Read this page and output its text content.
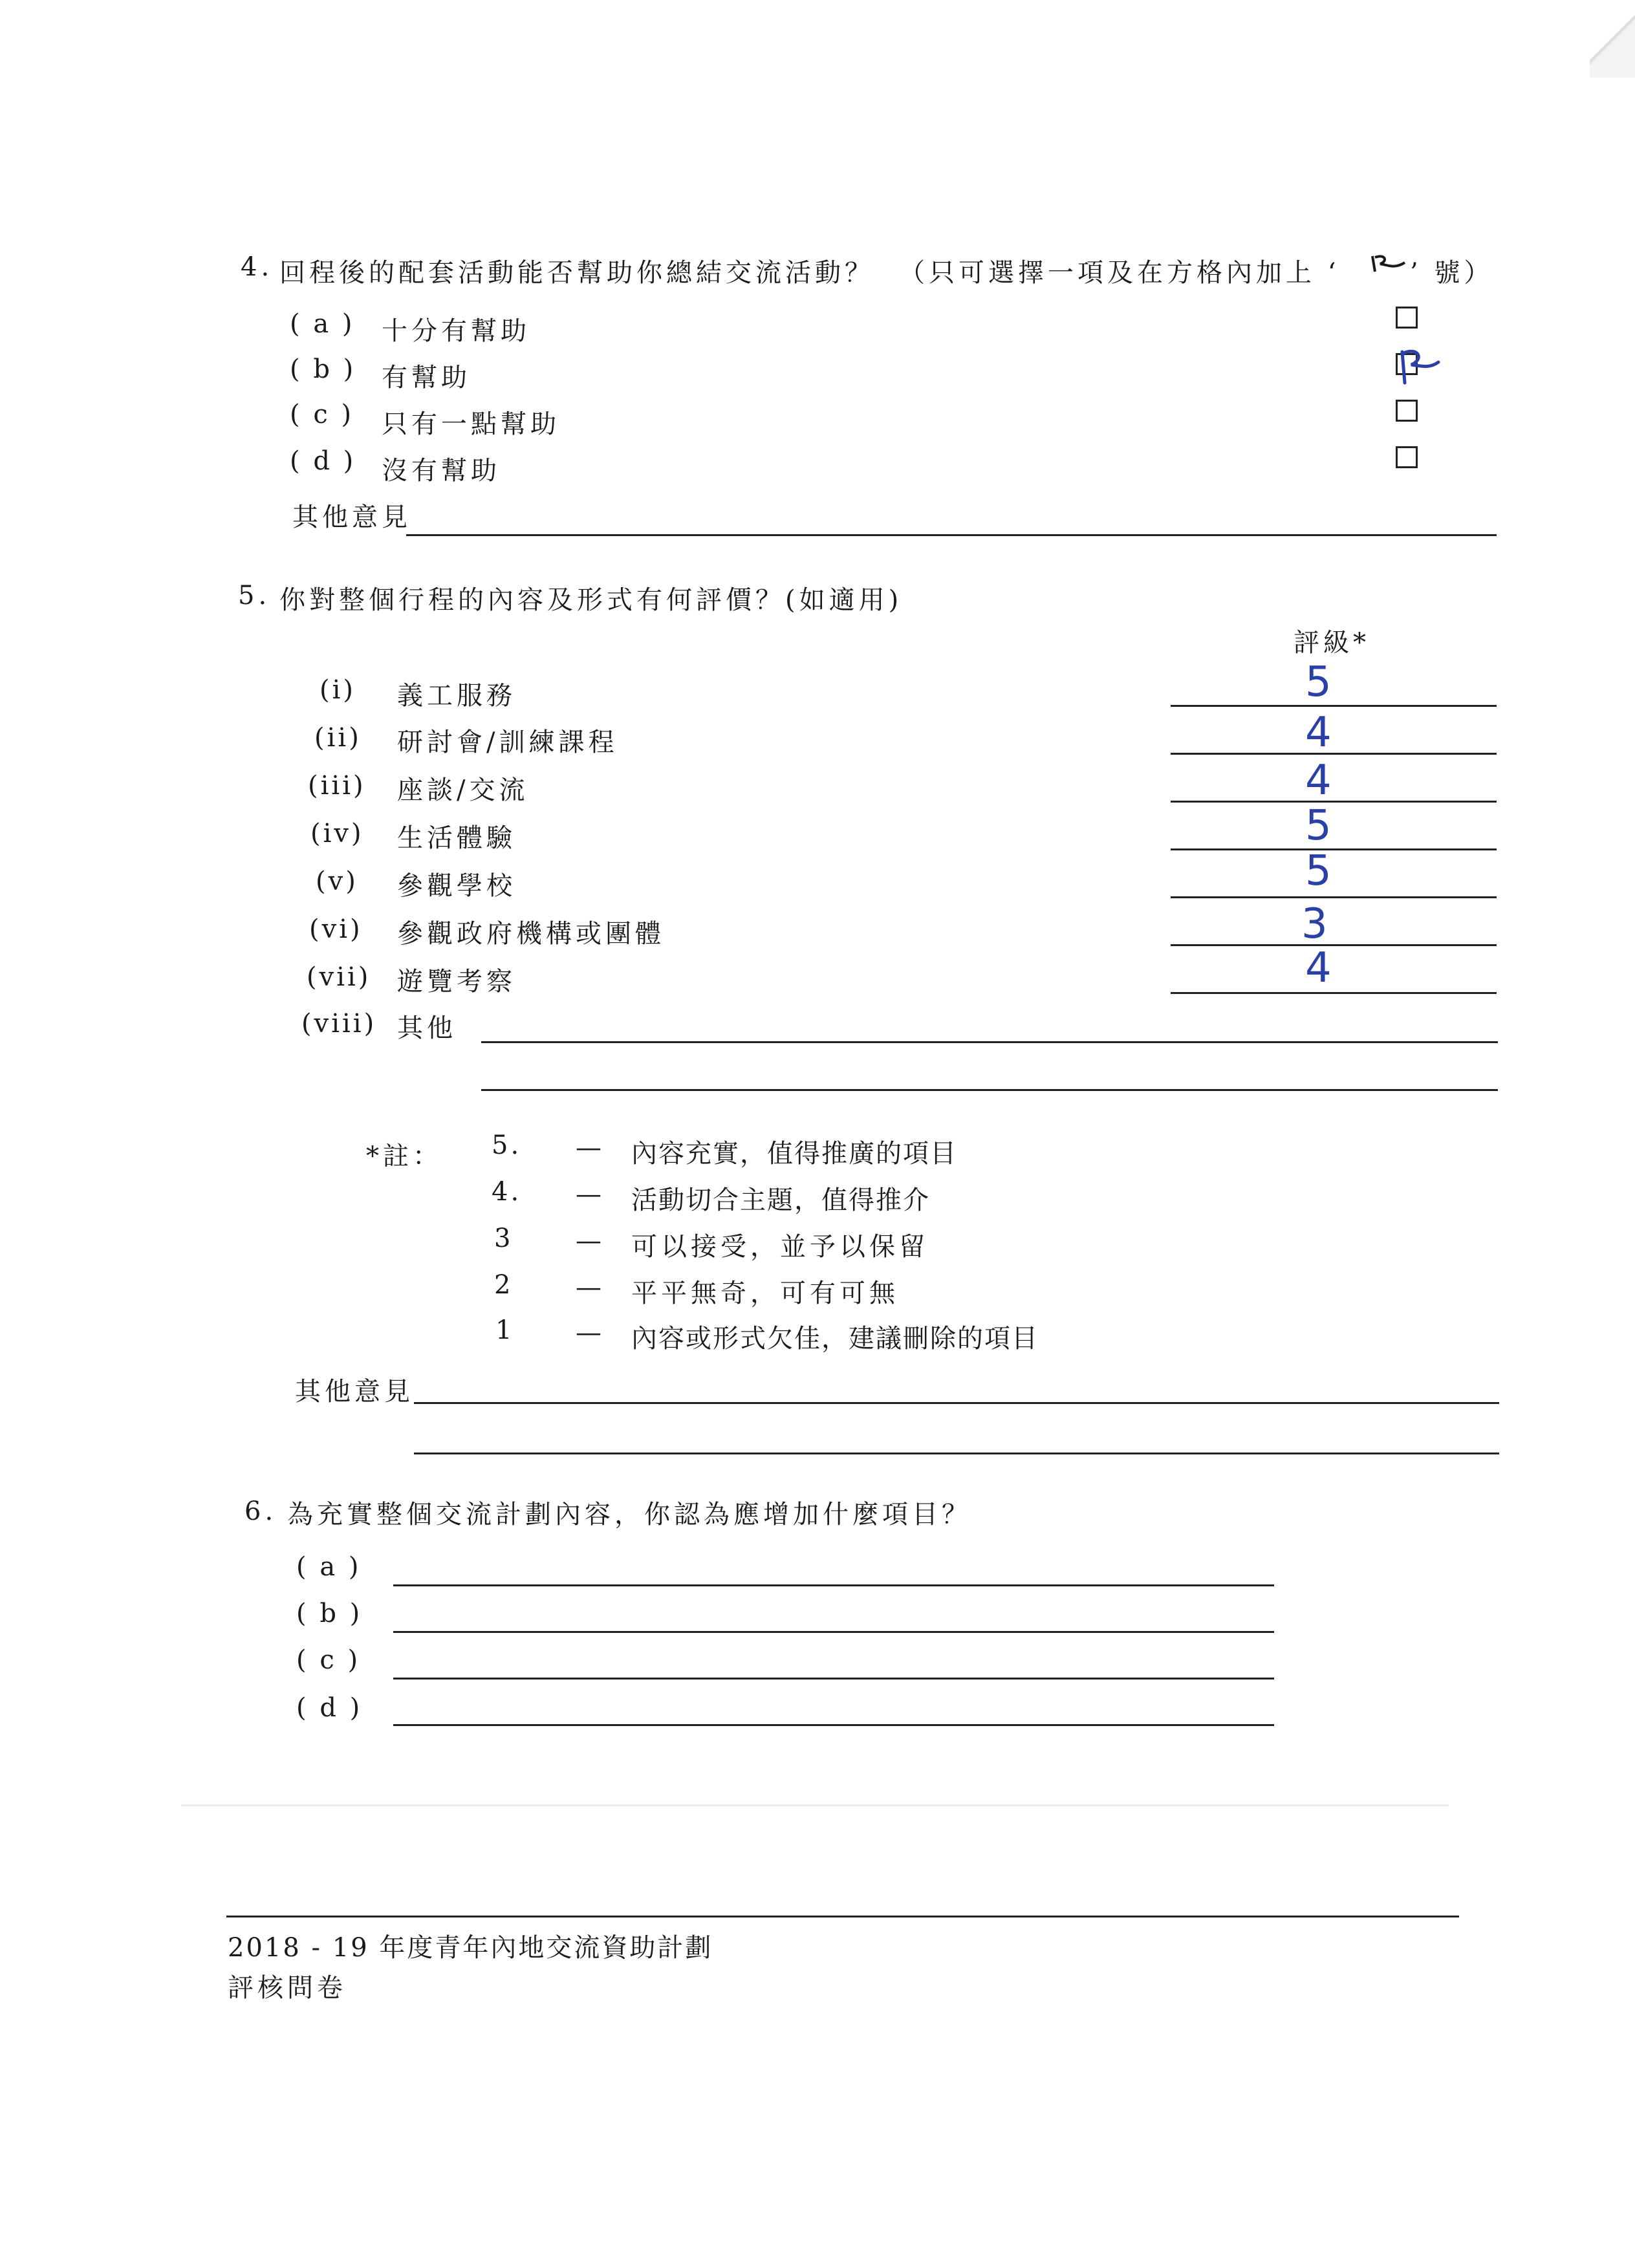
4. 回程後的配套活動能否幫助你總結交流活動？ （只可選擇一項及在方格內加上 ‘	’ 號）
( a ) 十分有幫助
( b ) 有幫助
( c ) 只有一點幫助
( d ) 沒有幫助
其他意見
5. 你對整個行程的內容及形式有何評價？(如適用)
評級*
(i) 義工服務	5
(ii) 研討會/訓練課程	4
(iii) 座談/交流	4
(iv) 生活體驗	5
(v) 參觀學校	5
(vi) 參觀政府機構或團體	3
(vii) 遊覽考察	4
(viii) 其他
*註： 5. — 內容充實，值得推廣的項目
4. — 活動切合主題，值得推介
3 — 可以接受，並予以保留
2 — 平平無奇，可有可無
1 — 內容或形式欠佳，建議刪除的項目
其他意見
6. 為充實整個交流計劃內容，你認為應增加什麼項目？
( a )
( b )
( c )
( d )
2018 - 19 年度青年內地交流資助計劃
評核問卷
